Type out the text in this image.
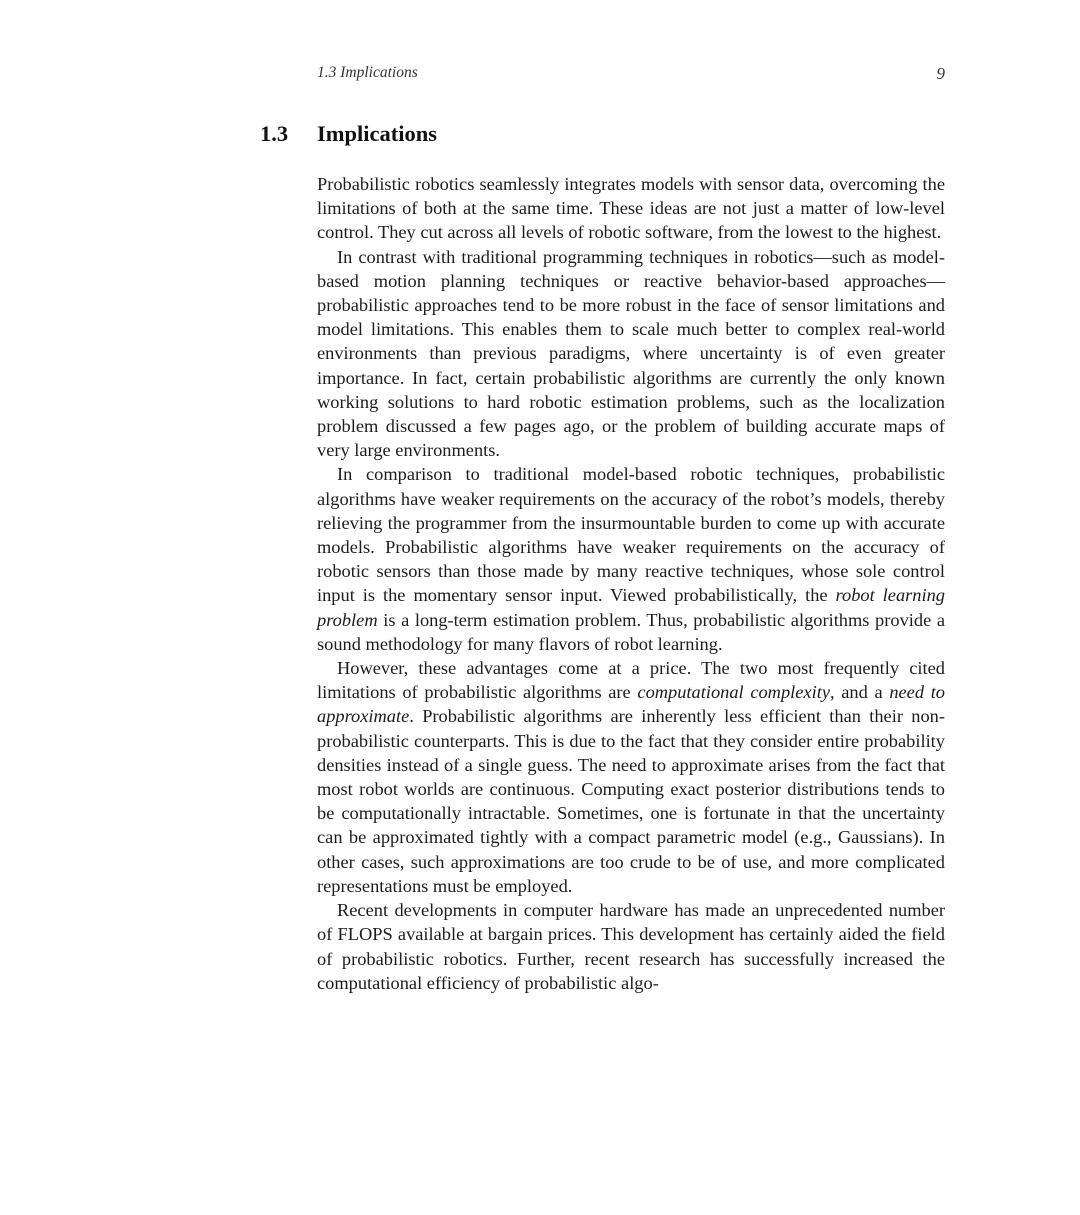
1.3 Implications	9
1.3 Implications

Probabilistic robotics seamlessly integrates models with sensor data, overcoming the limitations of both at the same time. These ideas are not just a matter of low-level control. They cut across all levels of robotic software, from the lowest to the highest.

In contrast with traditional programming techniques in robotics—such as model-based motion planning techniques or reactive behavior-based approaches—probabilistic approaches tend to be more robust in the face of sensor limitations and model limitations. This enables them to scale much better to complex real-world environments than previous paradigms, where uncertainty is of even greater importance. In fact, certain probabilistic algorithms are currently the only known working solutions to hard robotic estimation problems, such as the localization problem discussed a few pages ago, or the problem of building accurate maps of very large environments.

In comparison to traditional model-based robotic techniques, probabilistic algorithms have weaker requirements on the accuracy of the robot’s models, thereby relieving the programmer from the insurmountable burden to come up with accurate models. Probabilistic algorithms have weaker requirements on the accuracy of robotic sensors than those made by many reactive techniques, whose sole control input is the momentary sensor input. Viewed probabilistically, the robot learning problem is a long-term estimation problem. Thus, probabilistic algorithms provide a sound methodology for many flavors of robot learning.

However, these advantages come at a price. The two most frequently cited limitations of probabilistic algorithms are computational complexity, and a need to approximate. Probabilistic algorithms are inherently less efficient than their non-probabilistic counterparts. This is due to the fact that they consider entire probability densities instead of a single guess. The need to approximate arises from the fact that most robot worlds are continuous. Computing exact posterior distributions tends to be computationally intractable. Sometimes, one is fortunate in that the uncertainty can be approximated tightly with a compact parametric model (e.g., Gaussians). In other cases, such approximations are too crude to be of use, and more complicated representations must be employed.

Recent developments in computer hardware has made an unprecedented number of FLOPS available at bargain prices. This development has certainly aided the field of probabilistic robotics. Further, recent research has successfully increased the computational efficiency of probabilistic algo-
